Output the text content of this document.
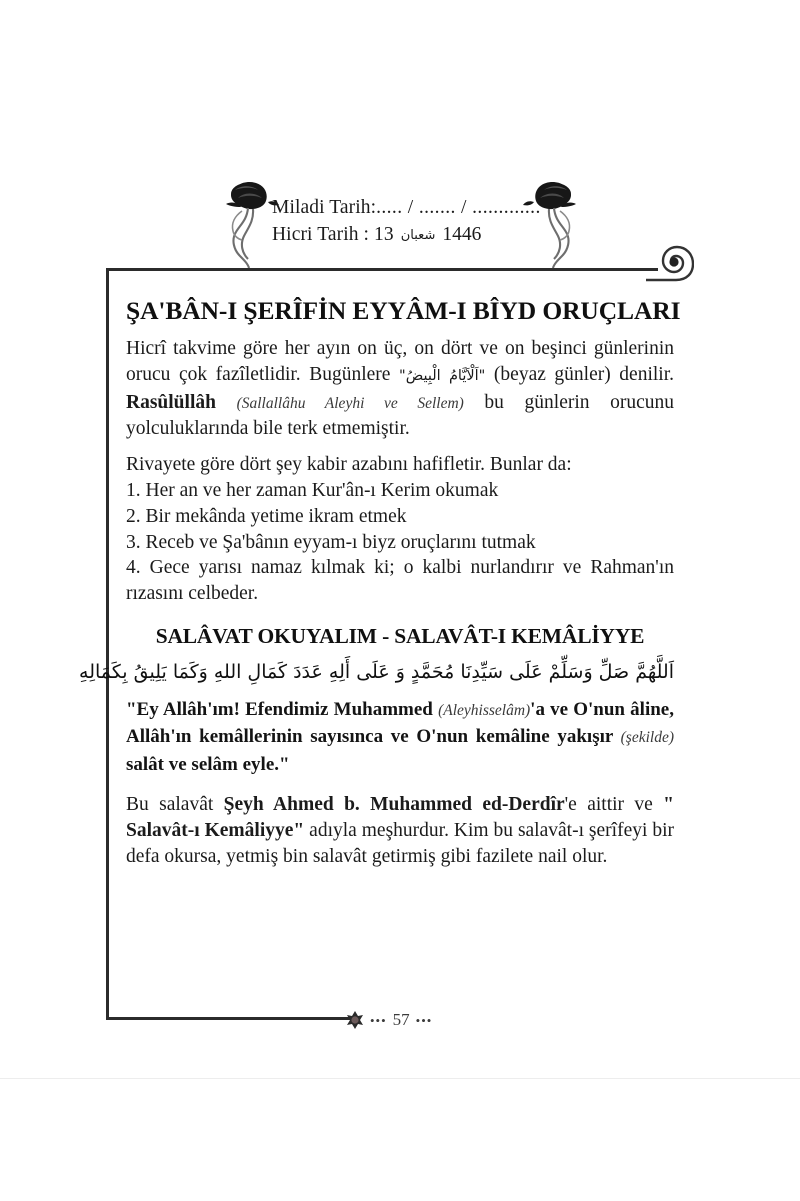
Miladi Tarih:..... / ....... / .............
Hicri Tarih : 13 شعبان 1446
ŞA'BÂN-I ŞERÎFİN EYYÂM-I BÎYD ORUÇLARI

Hicrî takvime göre her ayın on üç, on dört ve on beşinci günlerinin orucu çok fazîletlidir. Bugünlere "اَلْاَيَّامُ الْبِيضُ" (beyaz günler) denilir. Rasûlüllâh (Sallallâhu Aleyhi ve Sellem) bu günlerin orucunu yolculuklarında bile terk etmemiştir.

Rivayete göre dört şey kabir azabını hafifletir. Bunlar da:

1. Her an ve her zaman Kur'ân-ı Kerim okumak
2. Bir mekânda yetime ikram etmek
3. Receb ve Şa'bânın eyyam-ı biyz oruçlarını tutmak

4. Gece yarısı namaz kılmak ki; o kalbi nurlandırır ve Rahman'ın rızasını celbeder.

SALÂVAT OKUYALIM - SALAVÂT-I KEMÂLİYYE
اَللَّهُمَّ صَلِّ وَسَلِّمْ عَلَى سَيِّدِنَا مُحَمَّدٍ وَ عَلَى أَلِهِ عَدَدَ كَمَالِ اللهِ وَكَمَا يَلِيقُ بِكَمَالِهِ

"Ey Allâh'ım! Efendimiz Muhammed (Aleyhisselâm)'a ve O'nun âline, Allâh'ın kemâllerinin sayısınca ve O'nun kemâline yakışır (şekilde) salât ve selâm eyle."

Bu salavât Şeyh Ahmed b. Muhammed ed-Derdîr'e aittir ve " Salavât-ı Kemâliyye" adıyla meşhurdur. Kim bu salavât-ı şerîfeyi bir defa okursa, yetmiş bin salavât getirmiş gibi fazilete nail olur.

••• 57 •••
